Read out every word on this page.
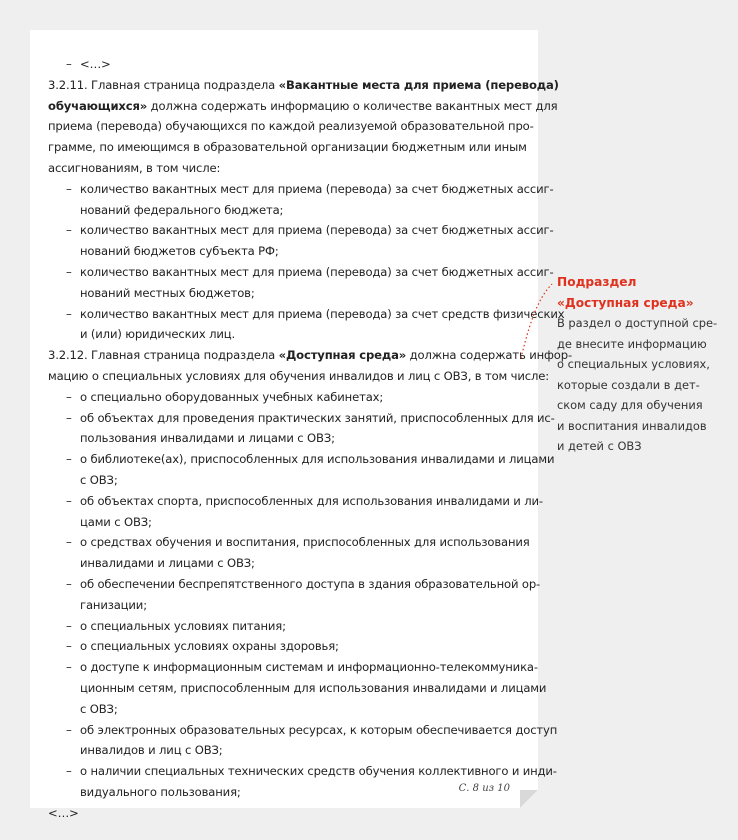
– <…>
3.2.11. Главная страница подраздела «Вакантные места для приема (перевода)
обучающихся» должна содержать информацию о количестве вакантных мест для
приема (перевода) обучающихся по каждой реализуемой образовательной про-
грамме, по имеющимся в образовательной организации бюджетным или иным
ассигнованиям, в том числе:
– количество вакантных мест для приема (перевода) за счет бюджетных ассиг-
нований федерального бюджета;
– количество вакантных мест для приема (перевода) за счет бюджетных ассиг-
нований бюджетов субъекта РФ;
– количество вакантных мест для приема (перевода) за счет бюджетных ассиг-
нований местных бюджетов;
– количество вакантных мест для приема (перевода) за счет средств физических
и (или) юридических лиц.
3.2.12. Главная страница подраздела «Доступная среда» должна содержать инфор-
мацию о специальных условиях для обучения инвалидов и лиц с ОВЗ, в том числе:
– о специально оборудованных учебных кабинетах;
– об объектах для проведения практических занятий, приспособленных для ис-
пользования инвалидами и лицами с ОВЗ;
– о библиотеке(ах), приспособленных для использования инвалидами и лицами
с ОВЗ;
– об объектах спорта, приспособленных для использования инвалидами и ли-
цами с ОВЗ;
– о средствах обучения и воспитания, приспособленных для использования
инвалидами и лицами с ОВЗ;
– об обеспечении беспрепятственного доступа в здания образовательной ор-
ганизации;
– о специальных условиях питания;
– о специальных условиях охраны здоровья;
– о доступе к информационным системам и информационно-телекоммуника-
ционным сетям, приспособленным для использования инвалидами и лицами
с ОВЗ;
– об электронных образовательных ресурсах, к которым обеспечивается доступ
инвалидов и лиц с ОВЗ;
– о наличии специальных технических средств обучения коллективного и инди-
видуального пользования;
<…>
С. 8 из 10
Подраздел
«Доступная среда»
В раздел о доступной сре-
де внесите информацию
о специальных условиях,
которые создали в дет-
ском саду для обучения
и воспитания инвалидов
и детей с ОВЗ
